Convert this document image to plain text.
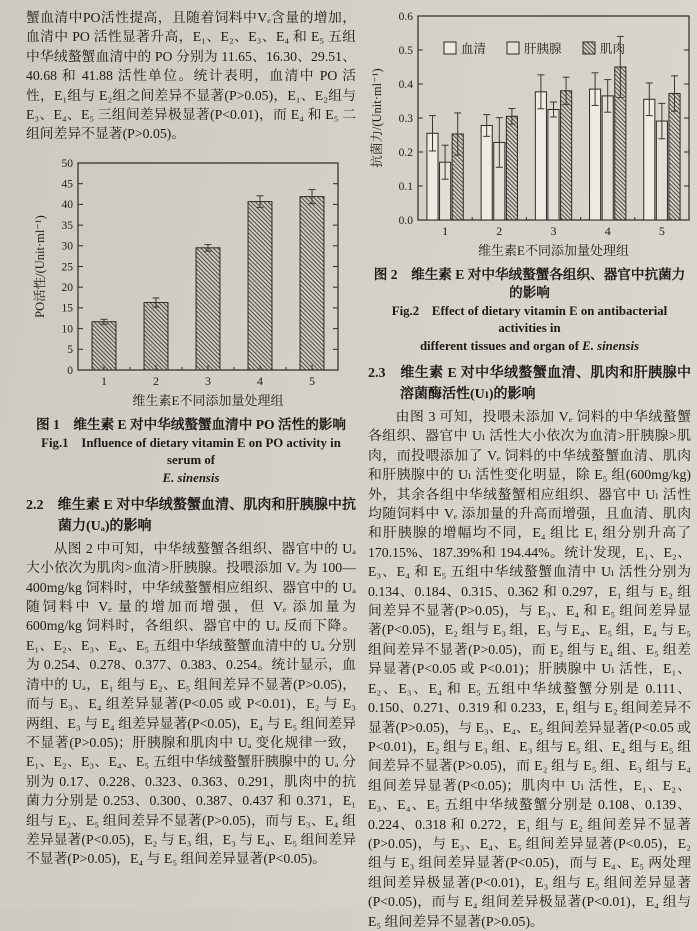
蟹血清中PO活性提高，且随着饲料中Vₑ含量的增加，血清中 PO 活性显著升高，E₁、E₂、E₃、E₄ 和 E₅ 五组中华绒螯蟹血清中的 PO 分别为 11.65、16.30、29.51、40.68 和 41.88 活性单位。统计表明，血清中 PO 活性，E₁组与 E₂组之间差异不显著(P>0.05)，E₁、E₂组与 E₃、E₄、E₅ 三组间差异极显著(P<0.01)，而 E₄ 和 E₅ 二组间差异不显著(P>0.05)。

0
5
10
15
20
25
30
35
40
45
50
1	2	3	4	5
维生素E不同添加量处理组
PO活性/(Unit·ml⁻¹)

图 1　维生素 E 对中华绒螯蟹血清中 PO 活性的影响

Fig.1　Influence of dietary vitamin E on PO activity in serum of

E. sinensis

2.2　维生素 E 对中华绒螯蟹血清、肌肉和肝胰腺中抗菌力(Uₐ)的影响

从图 2 中可知，中华绒螯蟹各组织、器官中的 Uₐ 大小依次为肌肉>血清>肝胰腺。投喂添加 Vₑ 为 100—400mg/kg 饲料时，中华绒螯蟹相应组织、器官中的 Uₐ 随饲料中 Vₑ 量的增加而增强，但 Vₑ 添加量为 600mg/kg 饲料时，各组织、器官中的 Uₐ 反而下降。E₁、E₂、E₃、E₄、E₅ 五组中华绒螯蟹血清中的 Uₐ 分别为 0.254、0.278、0.377、0.383、0.254。统计显示，血清中的 Uₐ，E₁ 组与 E₂、E₅ 组间差异不显著(P>0.05)，而与 E₃、E₄ 组差异显著(P<0.05 或 P<0.01)，E₂ 与 E₃ 两组、E₃ 与 E₄ 组差异显著(P<0.05)，E₄ 与 E₅ 组间差异不显著(P>0.05)；肝胰腺和肌肉中 Uₐ 变化规律一致，E₁、E₂、E₃、E₄、E₅ 五组中华绒螯蟹肝胰腺中的 Uₐ 分别为 0.17、0.228、0.323、0.363、0.291，肌肉中的抗菌力分别是 0.253、0.300、0.387、0.437 和 0.371，E₁ 组与 E₂、E₅ 组间差异不显著(P>0.05)，而与 E₃、E₄ 组差异显著(P<0.05)，E₂ 与 E₃ 组，E₃ 与 E₄、E₅ 组间差异不显著(P>0.05)，E₄ 与 E₅ 组间差异显著(P<0.05)。

0.0
0.1
0.2
0.3
0.4
0.5
0.6
1	2	3	4	5
血清	肝胰腺	肌肉
维生素E不同添加量处理组
抗菌力/(Unit·ml⁻¹)

图 2　维生素 E 对中华绒螯蟹各组织、器官中抗菌力的影响

Fig.2　Effect of dietary vitamin E on antibacterial activities in

different tissues and organ of E. sinensis

2.3　维生素 E 对中华绒螯蟹血清、肌肉和肝胰腺中溶菌酶活性(Uₗ)的影响

由图 3 可知，投喂未添加 Vₑ 饲料的中华绒螯蟹各组织、器官中 Uₗ 活性大小依次为血清>肝胰腺>肌肉，而投喂添加了 Vₑ 饲料的中华绒螯蟹血清、肌肉和肝胰腺中的 Uₗ 活性变化明显，除 E₅ 组(600mg/kg)外，其余各组中华绒螯蟹相应组织、器官中 Uₗ 活性均随饲料中 Vₑ 添加量的升高而增强，且血清、肌肉和肝胰腺的增幅均不同，E₄ 组比 E₁ 组分别升高了 170.15%、187.39%和 194.44%。统计发现，E₁、E₂、E₃、E₄ 和 E₅ 五组中华绒螯蟹血清中 Uₗ 活性分别为 0.134、0.184、0.315、0.362 和 0.297，E₁ 组与 E₂ 组间差异不显著(P>0.05)，与 E₃、E₄ 和 E₅ 组间差异显著(P<0.05)，E₂ 组与 E₃ 组，E₃ 与 E₄、E₅ 组，E₄ 与 E₅ 组间差异不显著(P>0.05)，而 E₂ 组与 E₄ 组、E₅ 组差异显著(P<0.05 或 P<0.01)；肝胰腺中 Uₗ 活性，E₁、E₂、E₃、E₄ 和 E₅ 五组中华绒螯蟹分别是 0.111、0.150、0.271、0.319 和 0.233，E₁ 组与 E₂ 组间差异不显著(P>0.05)，与 E₃、E₄、E₅ 组间差异显著(P<0.05 或 P<0.01)，E₂ 组与 E₃ 组、E₃ 组与 E₅ 组、E₄ 组与 E₅ 组间差异不显著(P>0.05)，而 E₂ 组与 E₅ 组、E₃ 组与 E₄ 组间差异显著(P<0.05)；肌肉中 Uₗ 活性，E₁、E₂、E₃、E₄、E₅ 五组中华绒螯蟹分别是 0.108、0.139、0.224、0.318 和 0.272，E₁ 组与 E₂ 组间差异不显著(P>0.05)，与 E₃、E₄、E₅ 组间差异显著(P<0.05)，E₂ 组与 E₃ 组间差异显著(P<0.05)，而与 E₄、E₅ 两处理组间差异极显著(P<0.01)，E₃ 组与 E₅ 组间差异显著(P<0.05)，而与 E₄ 组间差异极显著(P<0.01)，E₄ 组与 E₅ 组间差异不显著(P>0.05)。
